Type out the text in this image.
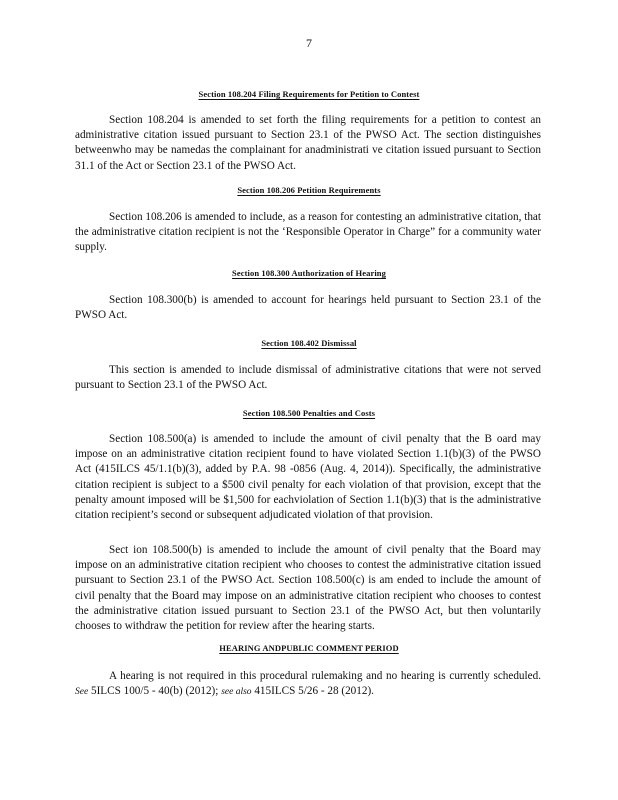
7
Section 108.204 Filing Requirements for Petition to Contest

Section 108.204 is amended to set forth the filing requirements for a petition to contest an administrative citation issued pursuant to Section 23.1 of the PWSO Act. The section distinguishes betweenwho may be namedas the complainant for anadministrati ve citation issued pursuant to Section 31.1 of the Act or Section 23.1 of the PWSO Act.

Section 108.206 Petition Requirements

Section 108.206 is amended to include, as a reason for contesting an administrative citation, that the administrative citation recipient is not the ‘Responsible Operator in Charge” for a community water supply.

Section 108.300 Authorization of Hearing

Section 108.300(b) is amended to account for hearings held pursuant to Section 23.1 of the PWSO Act.

Section 108.402 Dismissal

This section is amended to include dismissal of administrative citations that were not served pursuant to Section 23.1 of the PWSO Act.

Section 108.500 Penalties and Costs

Section 108.500(a) is amended to include the amount of civil penalty that the B oard may impose on an administrative citation recipient found to have violated Section 1.1(b)(3) of the PWSO Act (415ILCS 45/1.1(b)(3), added by P.A. 98 -0856 (Aug. 4, 2014)). Specifically, the administrative citation recipient is subject to a $500 civil penalty for each violation of that provision, except that the penalty amount imposed will be $1,500 for eachviolation of Section 1.1(b)(3) that is the administrative citation recipient’s second or subsequent adjudicated violation of that provision.

Sect ion 108.500(b) is amended to include the amount of civil penalty that the Board may impose on an administrative citation recipient who chooses to contest the administrative citation issued pursuant to Section 23.1 of the PWSO Act. Section 108.500(c) is am ended to include the amount of civil penalty that the Board may impose on an administrative citation recipient who chooses to contest the administrative citation issued pursuant to Section 23.1 of the PWSO Act, but then voluntarily chooses to withdraw the petition for review after the hearing starts.

HEARING ANDPUBLIC COMMENT PERIOD

A hearing is not required in this procedural rulemaking and no hearing is currently scheduled. See 5ILCS 100/5 - 40(b) (2012); see also 415ILCS 5/26 - 28 (2012).
